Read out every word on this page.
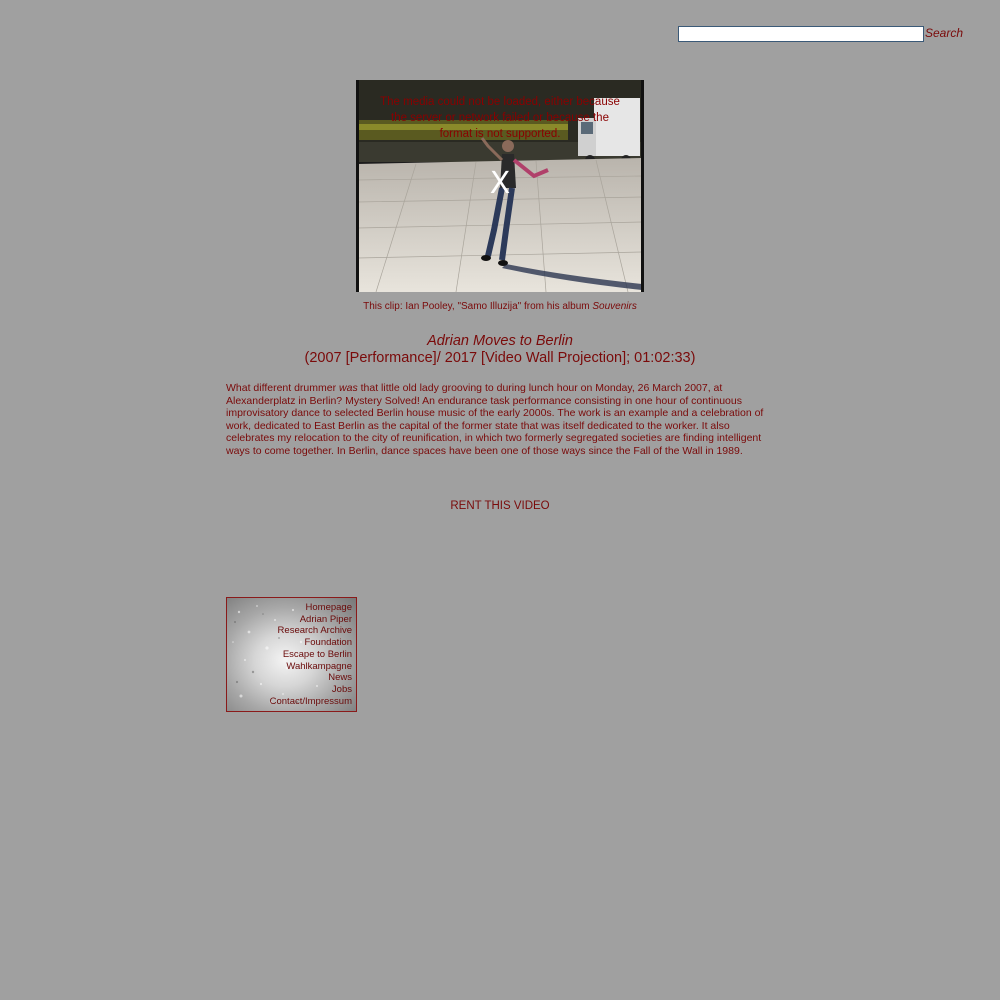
Search
The media could not be loaded, either because the server or network failed or because the format is not supported.
X
This clip: Ian Pooley, "Samo Illuzija" from his album Souvenirs
Adrian Moves to Berlin
(2007 [Performance]/ 2017 [Video Wall Projection]; 01:02:33)

What different drummer was that little old lady grooving to during lunch hour on Monday, 26 March 2007, at Alexanderplatz in Berlin? Mystery Solved! An endurance task performance consisting in one hour of continuous improvisatory dance to selected Berlin house music of the early 2000s. The work is an example and a celebration of work, dedicated to East Berlin as the capital of the former state that was itself dedicated to the worker. It also celebrates my relocation to the city of reunification, in which two formerly segregated societies are finding intelligent ways to come together. In Berlin, dance spaces have been one of those ways since the Fall of the Wall in 1989.

RENT THIS VIDEO
Homepage
Adrian Piper
Research Archive
Foundation
Escape to Berlin
Wahlkampagne
News
Jobs
Contact/Impressum
